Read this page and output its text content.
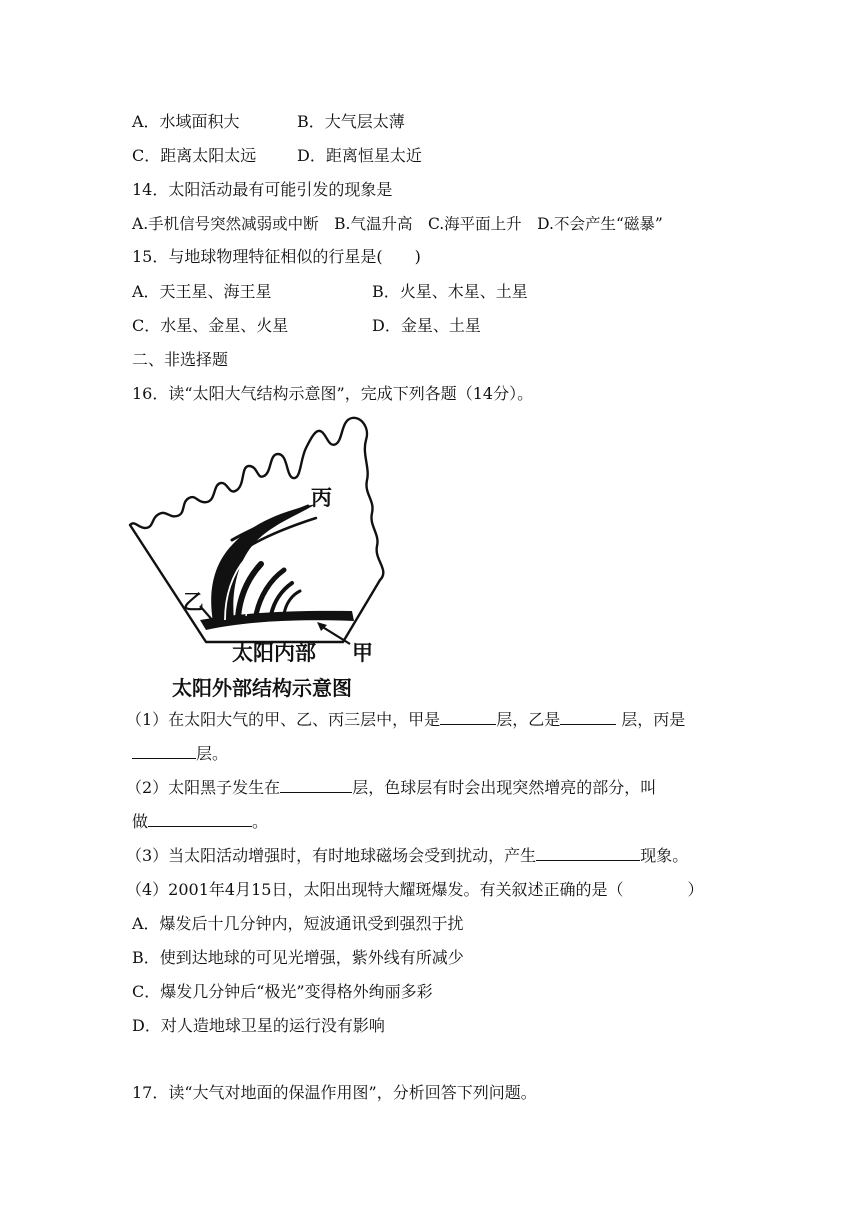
A．水域面积大	B．大气层太薄
C．距离太阳太远	D．距离恒星太近
14．太阳活动最有可能引发的现象是
A.手机信号突然减弱或中断　B.气温升高　C.海平面上升　D.不会产生“磁暴”
15．与地球物理特征相似的行星是(　　)
A．天王星、海王星	B．火星、木星、土星
C．水星、金星、火星	D．金星、土星
二、非选择题
16．读“太阳大气结构示意图”，完成下列各题（14分）。
丙
乙
甲
太阳内部
太阳外部结构示意图
（1）在太阳大气的甲、乙、丙三层中，甲是	层，乙是	层，丙是
层。
（2）太阳黑子发生在	层，色球层有时会出现突然增亮的部分，叫
做	。
（3）当太阳活动增强时，有时地球磁场会受到扰动，产生	现象。
（4）2001年4月15日，太阳出现特大耀斑爆发。有关叙述正确的是（　　　　）
A．爆发后十几分钟内，短波通讯受到强烈于扰
B．使到达地球的可见光增强，紫外线有所减少
C．爆发几分钟后“极光”变得格外绚丽多彩
D．对人造地球卫星的运行没有影响
17．读“大气对地面的保温作用图”，分析回答下列问题。
